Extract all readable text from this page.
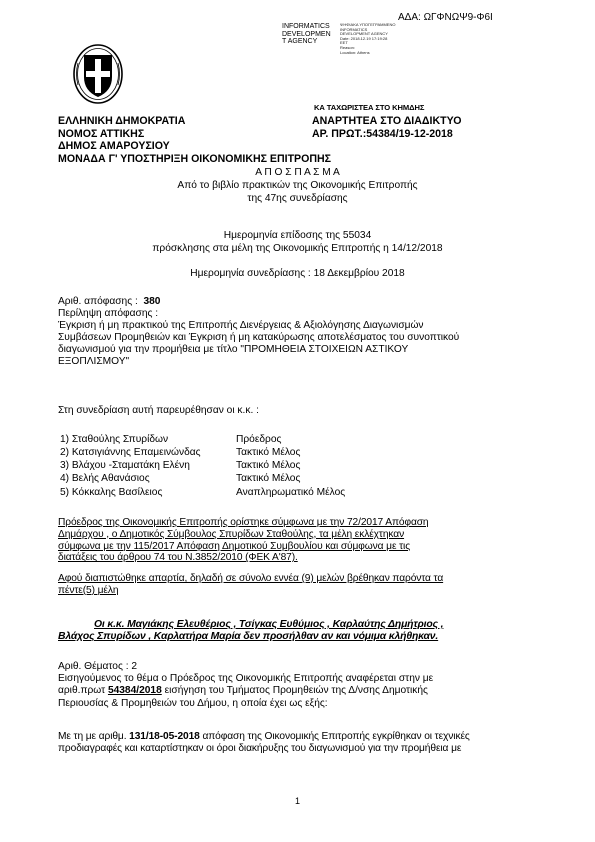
ΑΔΑ: ΩΓΦΝΩΨ9-Φ6Ι
INFORMATICS
DEVELOPMEN
T AGENCY
ΨΗΦΙΑΚΑ ΥΠΟΓΕΓΡΑΜΜΕΝΟ
INFORMATICS
DEVELOPMENT AGENCY
Date: 2018.12.19 17:19:28
EET
Reason:
Location: Athens
ΚΑ ΤΑΧΩΡΙΣΤΕΑ ΣΤΟ ΚΗΜΔΗΣ
ΕΛΛΗΝΙΚΗ ΔΗΜΟΚΡΑΤΙΑ
ΝΟΜΟΣ ΑΤΤΙΚΗΣ
ΔΗΜΟΣ ΑΜΑΡΟΥΣΙΟΥ
ΜΟΝΑΔΑ Γ' ΥΠΟΣΤΗΡΙΞΗ ΟΙΚΟΝΟΜΙΚΗΣ ΕΠΙΤΡΟΠΗΣ
ΑΝΑΡΤΗΤΕΑ ΣΤΟ ΔΙΑΔΙΚΤΥΟ
ΑΡ. ΠΡΩΤ.:54384/19-12-2018
Α Π Ο Σ Π Α Σ Μ Α
Από το βιβλίο πρακτικών της Οικονομικής Επιτροπής
της 47ης συνεδρίασης
Ημερομηνία επίδοσης της 55034
πρόσκλησης στα μέλη της Οικονομικής Επιτροπής η 14/12/2018
Ημερομηνία συνεδρίασης : 18 Δεκεμβρίου 2018
Αριθ. απόφασης : 380
Περίληψη απόφασης :
Έγκριση ή μη πρακτικού της Επιτροπής Διενέργειας & Αξιολόγησης Διαγωνισμών
Συμβάσεων Προμηθειών και Έγκριση ή μη κατακύρωσης αποτελέσματος του συνοπτικού
διαγωνισμού για την προμήθεια με τίτλο "ΠΡΟΜΗΘΕΙΑ ΣΤΟΙΧΕΙΩΝ ΑΣΤΙΚΟΥ
ΕΞΟΠΛΙΣΜΟΥ"
Στη συνεδρίαση αυτή παρευρέθησαν οι κ.κ. :
1) Σταθούλης Σπυρίδων	Πρόεδρος
2) Κατσιγιάννης Επαμεινώνδας	Τακτικό Μέλος
3) Βλάχου -Σταματάκη Ελένη	Τακτικό Μέλος
4) Βελής Αθανάσιος	Τακτικό Μέλος
5) Κόκκαλης Βασίλειος	Αναπληρωματικό Μέλος
Πρόεδρος της Οικονομικής Επιτροπής ορίστηκε σύμφωνα με την 72/2017 Απόφαση
Δημάρχου , ο Δημοτικός Σύμβουλος Σπυρίδων Σταθούλης, τα μέλη εκλέχτηκαν
σύμφωνα με την 115/2017 Απόφαση Δημοτικού Συμβουλίου και σύμφωνα με τις
διατάξεις του άρθρου 74 του Ν.3852/2010 (ΦΕΚ Α'87).
Αφού διαπιστώθηκε απαρτία, δηλαδή σε σύνολο εννέα (9) μελών βρέθηκαν παρόντα τα
πέντε(5) μέλη
Οι κ.κ. Μαγιάκης Ελευθέριος , Τσίγκας Ευθύμιος , Καρλαύτης Δημήτριος ,
Βλάχος Σπυρίδων , Καρλατήρα Μαρία δεν προσήλθαν αν και νόμιμα κλήθηκαν.
Αριθ. Θέματος : 2
Εισηγούμενος το θέμα ο Πρόεδρος της Οικονομικής Επιτροπής αναφέρεται στην με
αριθ.πρωτ 54384/2018 εισήγηση του Τμήματος Προμηθειών της Δ/νσης Δημοτικής
Περιουσίας & Προμηθειών του Δήμου, η οποία έχει ως εξής:
Με τη με αριθμ. 131/18-05-2018 απόφαση της Οικονομικής Επιτροπής εγκρίθηκαν οι τεχνικές
προδιαγραφές και καταρτίστηκαν οι όροι διακήρυξης του διαγωνισμού για την προμήθεια με
1
